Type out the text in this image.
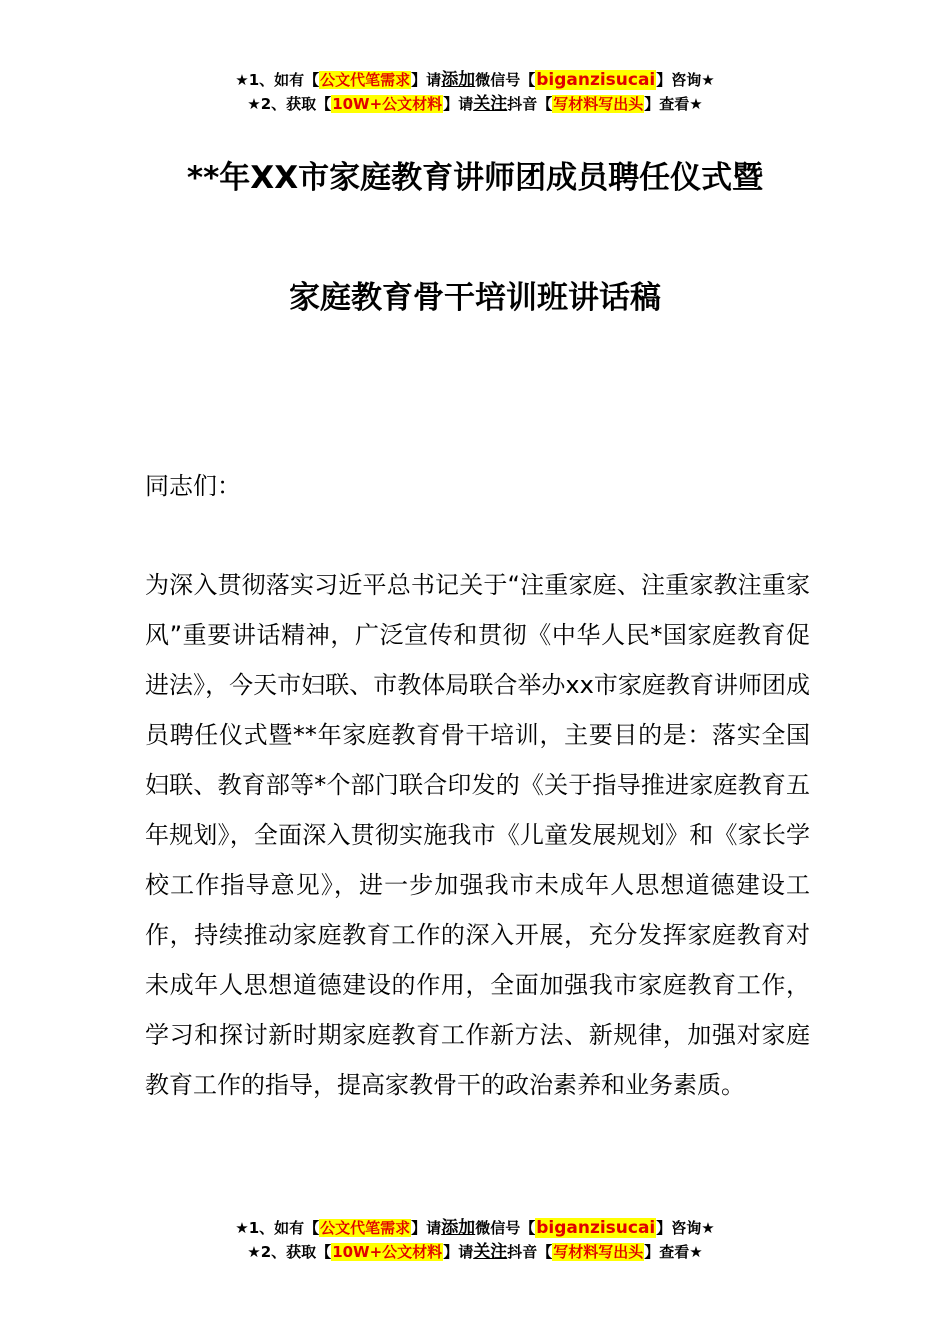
★1、如有【公文代笔需求】请添加微信号【biganzisucai】咨询★
★2、获取【10W+公文材料】请关注抖音【写材料写出头】查看★
**年XX市家庭教育讲师团成员聘任仪式暨
家庭教育骨干培训班讲话稿
同志们：
为深入贯彻落实习近平总书记关于“注重家庭、注重家教注重家风”重要讲话精神，广泛宣传和贯彻《中华人民*国家庭教育促进法》，今天市妇联、市教体局联合举办xx市家庭教育讲师团成员聘任仪式暨**年家庭教育骨干培训，主要目的是：落实全国妇联、教育部等*个部门联合印发的《关于指导推进家庭教育五年规划》，全面深入贯彻实施我市《儿童发展规划》和《家长学校工作指导意见》，进一步加强我市未成年人思想道德建设工作，持续推动家庭教育工作的深入开展，充分发挥家庭教育对未成年人思想道德建设的作用，全面加强我市家庭教育工作，学习和探讨新时期家庭教育工作新方法、新规律，加强对家庭教育工作的指导，提高家教骨干的政治素养和业务素质。
★1、如有【公文代笔需求】请添加微信号【biganzisucai】咨询★
★2、获取【10W+公文材料】请关注抖音【写材料写出头】查看★
